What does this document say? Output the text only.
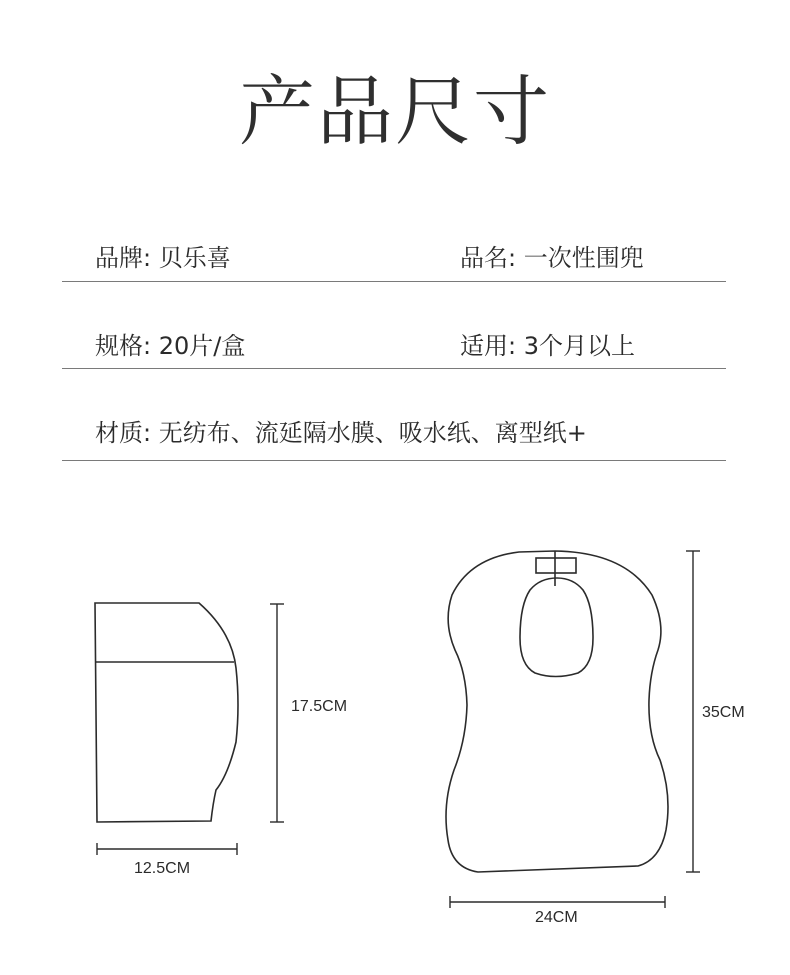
产品尺寸
品牌: 贝乐喜	品名: 一次性围兜
规格: 20片/盒	适用: 3个月以上
材质: 无纺布、流延隔水膜、吸水纸、离型纸+
17.5CM
12.5CM
35CM
24CM
